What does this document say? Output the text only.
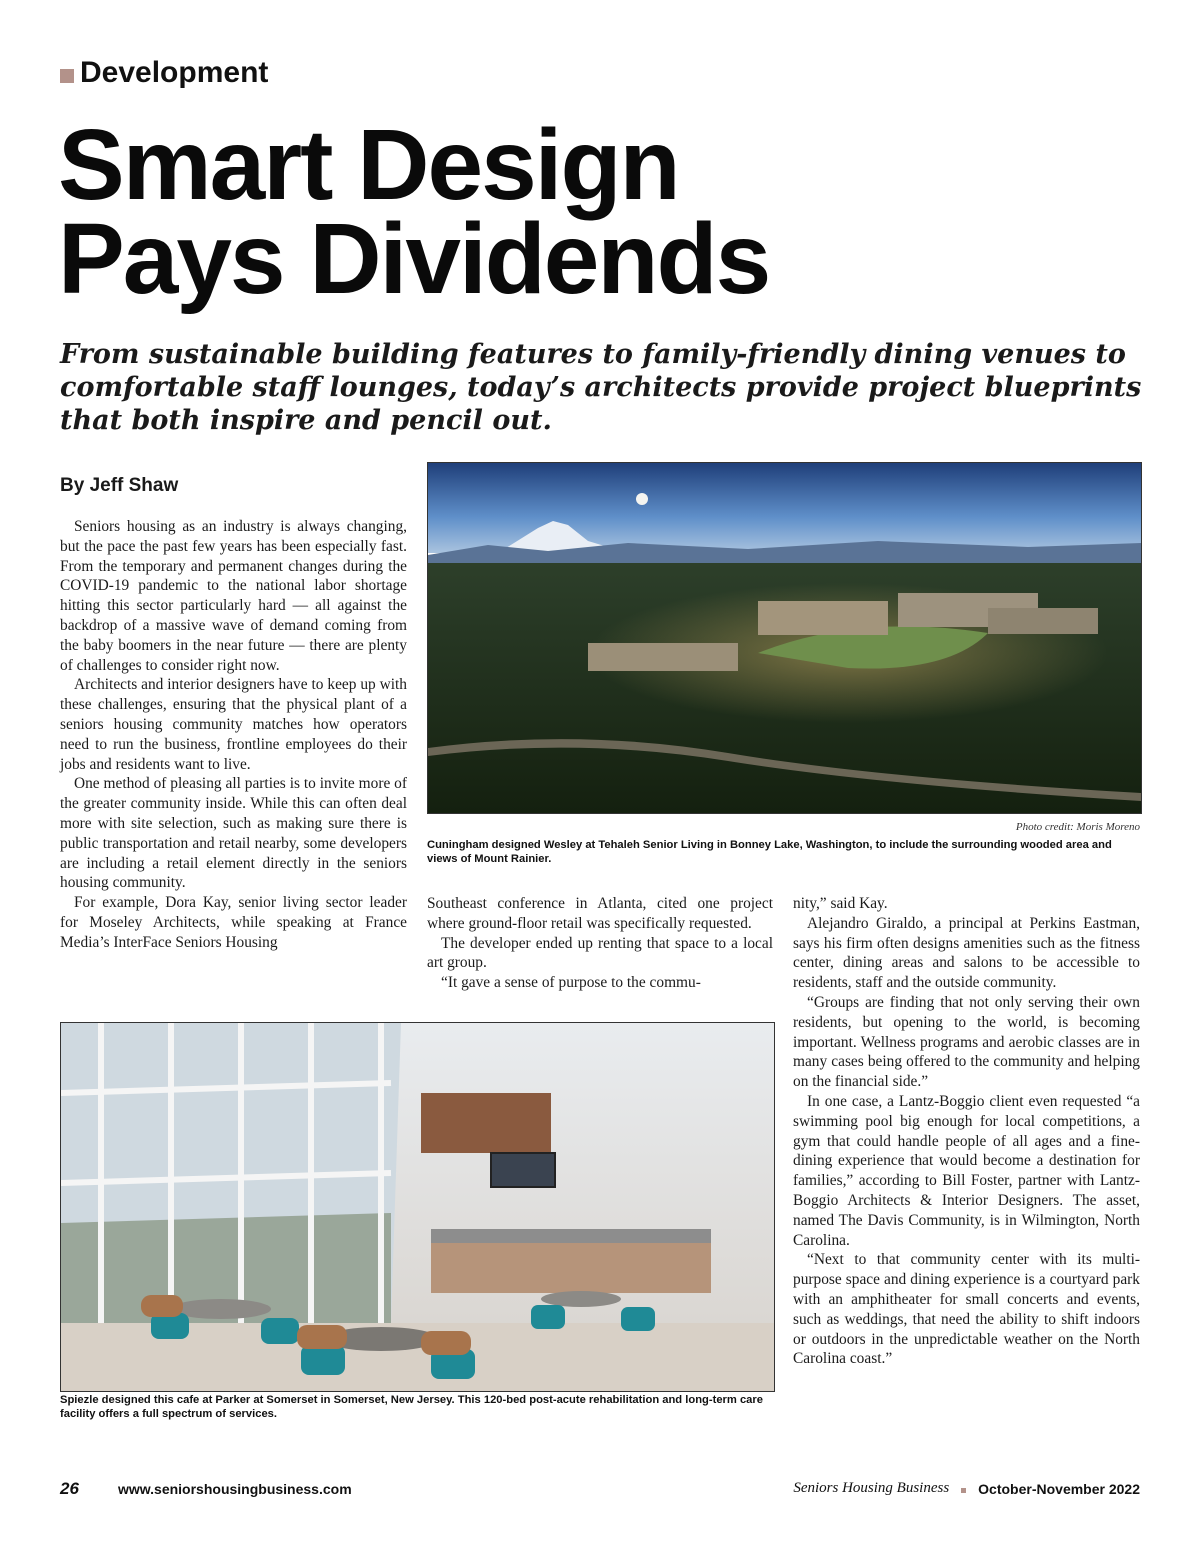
Development
Smart Design
Pays Dividends
From sustainable building features to family-friendly dining venues to comfortable staff lounges, today’s architects provide project blueprints that both inspire and pencil out.
By Jeff Shaw

Seniors housing as an industry is always changing, but the pace the past few years has been especially fast. From the temporary and permanent changes during the COVID-19 pandemic to the national labor shortage hitting this sector particularly hard — all against the backdrop of a massive wave of demand coming from the baby boomers in the near future — there are plenty of challenges to consider right now.

Architects and interior designers have to keep up with these challenges, ensuring that the physical plant of a seniors housing community matches how operators need to run the business, frontline employees do their jobs and residents want to live.

One method of pleasing all parties is to invite more of the greater community inside. While this can often deal more with site selection, such as making sure there is public transportation and retail nearby, some developers are including a retail element directly in the seniors housing community.

For example, Dora Kay, senior living sector leader for Moseley Architects, while speaking at France Media’s InterFace Seniors Housing

Photo credit: Moris Moreno
Cuningham designed Wesley at Tehaleh Senior Living in Bonney Lake, Washington, to include the surrounding wooded area and views of Mount Rainier.

Southeast conference in Atlanta, cited one project where ground-floor retail was specifically requested.

The developer ended up renting that space to a local art group.

“It gave a sense of purpose to the commu-

nity,” said Kay.

Alejandro Giraldo, a principal at Perkins Eastman, says his firm often designs amenities such as the fitness center, dining areas and salons to be accessible to residents, staff and the outside community.

“Groups are finding that not only serving their own residents, but opening to the world, is becoming important. Wellness programs and aerobic classes are in many cases being offered to the community and helping on the financial side.”

In one case, a Lantz-Boggio client even requested “a swimming pool big enough for local competitions, a gym that could handle people of all ages and a fine-dining experience that would become a destination for families,” according to Bill Foster, partner with Lantz-Boggio Architects & Interior Designers. The asset, named The Davis Community, is in Wilmington, North Carolina.

“Next to that community center with its multi-purpose space and dining experience is a courtyard park with an amphitheater for small concerts and events, such as weddings, that need the ability to shift indoors or outdoors in the unpredictable weather on the North Carolina coast.”

Spiezle designed this cafe at Parker at Somerset in Somerset, New Jersey. This 120-bed post-acute rehabilitation and long-term care facility offers a full spectrum of services.
26	www.seniorshousingbusiness.com	Seniors Housing Business October-November 2022
